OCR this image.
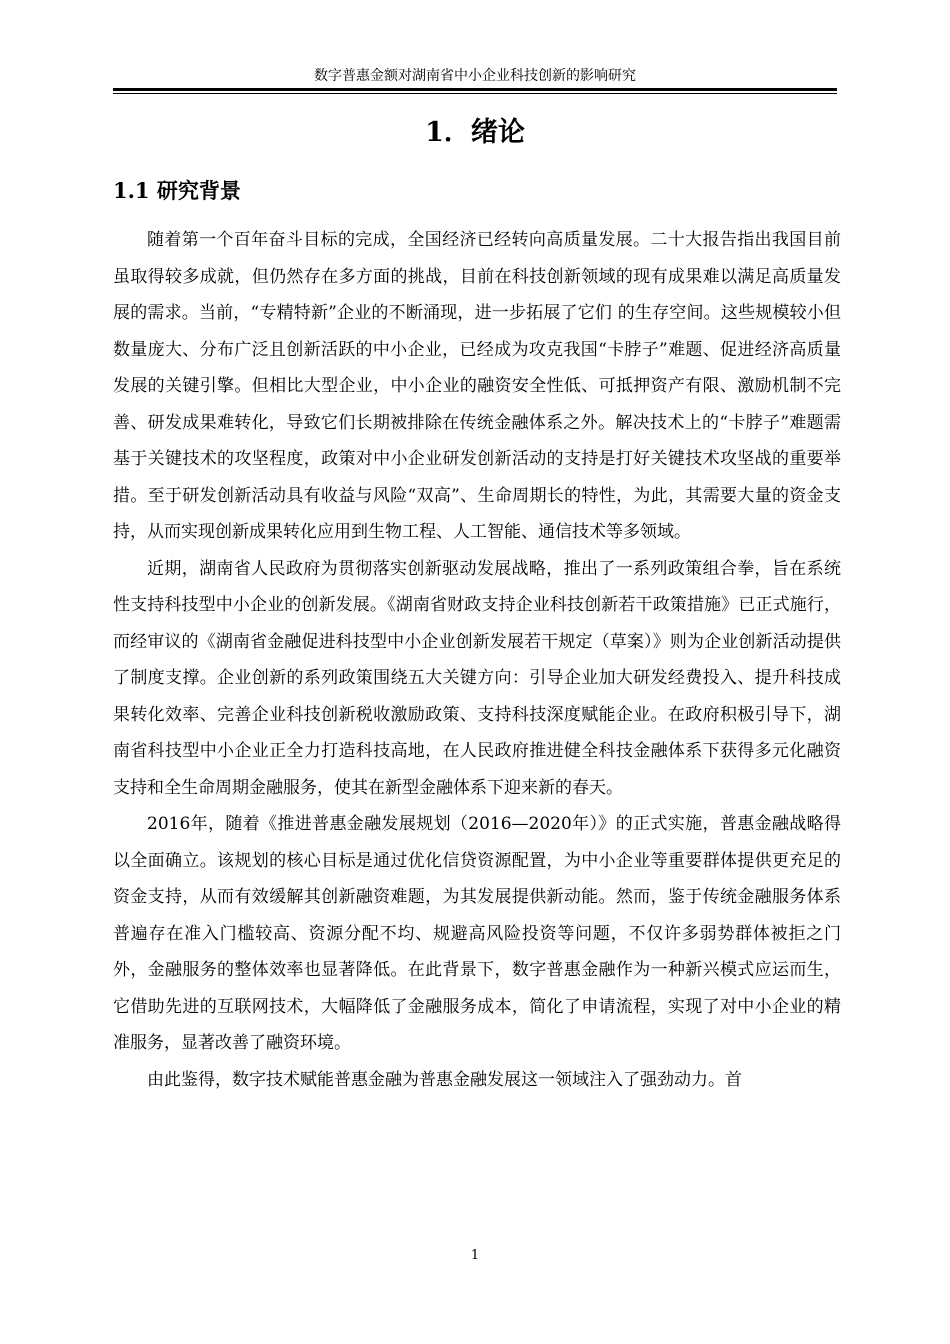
数字普惠金额对湖南省中小企业科技创新的影响研究
1．绪论
1.1 研究背景

随着第一个百年奋斗目标的完成，全国经济已经转向高质量发展。二十大报告指出我国目前虽取得较多成就，但仍然存在多方面的挑战，目前在科技创新领域的现有成果难以满足高质量发展的需求。当前，“专精特新”企业的不断涌现，进一步拓展了它们 的生存空间。这些规模较小但数量庞大、分布广泛且创新活跃的中小企业，已经成为攻克我国“卡脖子”难题、促进经济高质量发展的关键引擎。但相比大型企业，中小企业的融资安全性低、可抵押资产有限、激励机制不完善、研发成果难转化，导致它们长期被排除在传统金融体系之外。解决技术上的“卡脖子”难题需基于关键技术的攻坚程度，政策对中小企业研发创新活动的支持是打好关键技术攻坚战的重要举措。至于研发创新活动具有收益与风险“双高”、生命周期长的特性，为此，其需要大量的资金支持，从而实现创新成果转化应用到生物工程、人工智能、通信技术等多领域。

近期，湖南省人民政府为贯彻落实创新驱动发展战略，推出了一系列政策组合拳，旨在系统性支持科技型中小企业的创新发展。《湖南省财政支持企业科技创新若干政策措施》已正式施行，而经审议的《湖南省金融促进科技型中小企业创新发展若干规定（草案）》则为企业创新活动提供了制度支撑。企业创新的系列政策围绕五大关键方向：引导企业加大研发经费投入、提升科技成果转化效率、完善企业科技创新税收激励政策、支持科技深度赋能企业。在政府积极引导下，湖南省科技型中小企业正全力打造科技高地，在人民政府推进健全科技金融体系下获得多元化融资支持和全生命周期金融服务，使其在新型金融体系下迎来新的春天。

2016年，随着《推进普惠金融发展规划（2016—2020年）》的正式实施，普惠金融战略得以全面确立。该规划的核心目标是通过优化信贷资源配置，为中小企业等重要群体提供更充足的资金支持，从而有效缓解其创新融资难题，为其发展提供新动能。然而，鉴于传统金融服务体系普遍存在准入门槛较高、资源分配不均、规避高风险投资等问题，不仅许多弱势群体被拒之门外，金融服务的整体效率也显著降低。在此背景下，数字普惠金融作为一种新兴模式应运而生，它借助先进的互联网技术，大幅降低了金融服务成本，简化了申请流程，实现了对中小企业的精准服务，显著改善了融资环境。

由此鉴得，数字技术赋能普惠金融为普惠金融发展这一领域注入了强劲动力。首

1
